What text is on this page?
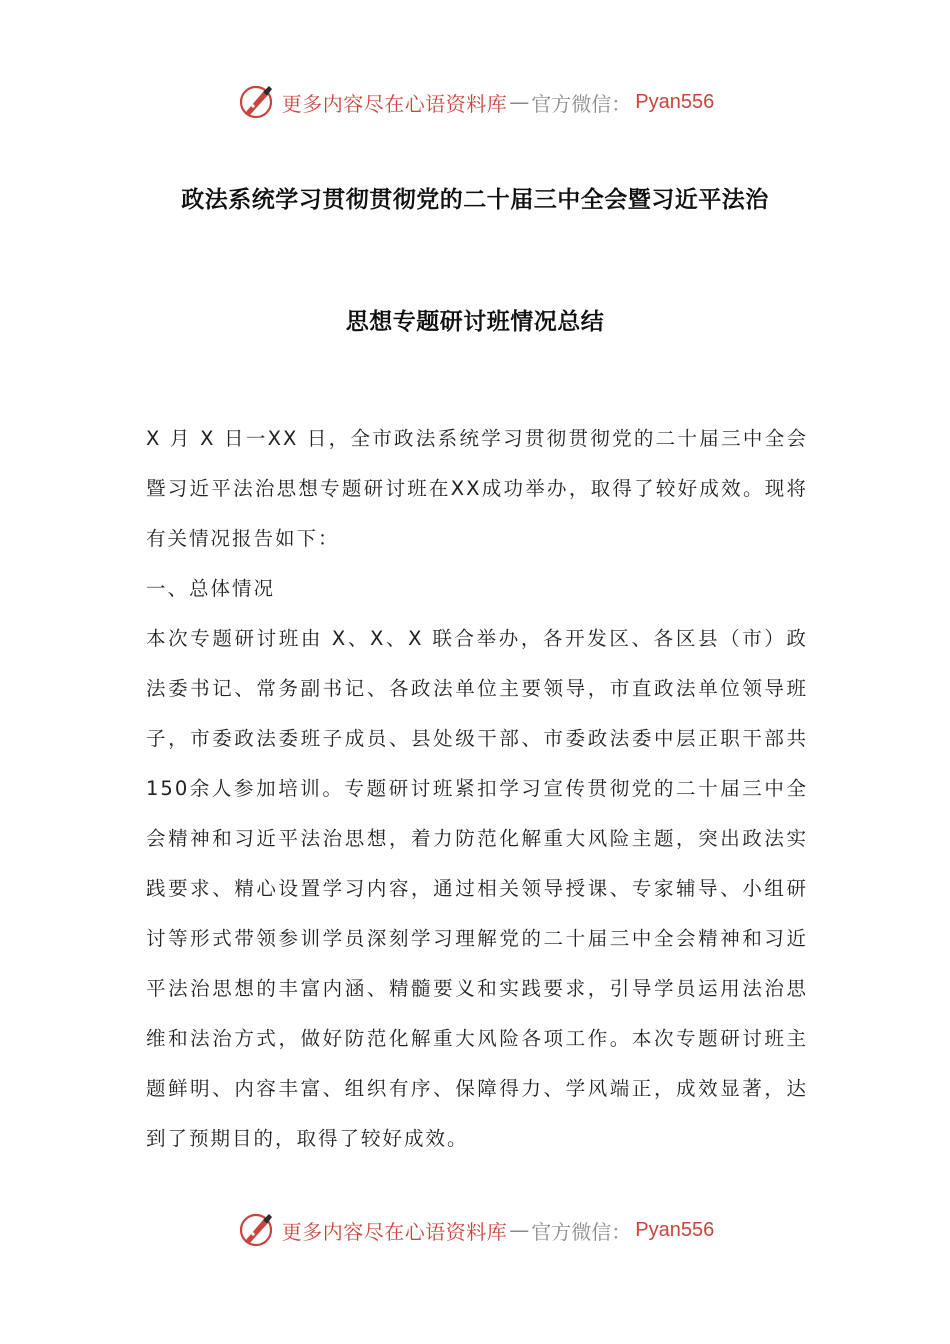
更多内容尽在心语资料库 — 官方微信： Pyan556
政法系统学习贯彻贯彻党的二十届三中全会暨习近平法治
思想专题研讨班情况总结

X 月 X 日一XX 日，全市政法系统学习贯彻贯彻党的二十届三中全会暨习近平法治思想专题研讨班在XX成功举办，取得了较好成效。现将有关情况报告如下：

一、总体情况

本次专题研讨班由 X、X、X 联合举办，各开发区、各区县（市）政法委书记、常务副书记、各政法单位主要领导，市直政法单位领导班子，市委政法委班子成员、县处级干部、市委政法委中层正职干部共150余人参加培训。专题研讨班紧扣学习宣传贯彻党的二十届三中全会精神和习近平法治思想，着力防范化解重大风险主题，突出政法实践要求、精心设置学习内容，通过相关领导授课、专家辅导、小组研讨等形式带领参训学员深刻学习理解党的二十届三中全会精神和习近平法治思想的丰富内涵、精髓要义和实践要求，引导学员运用法治思维和法治方式，做好防范化解重大风险各项工作。本次专题研讨班主题鲜明、内容丰富、组织有序、保障得力、学风端正，成效显著，达到了预期目的，取得了较好成效。

更多内容尽在心语资料库 — 官方微信： Pyan556
